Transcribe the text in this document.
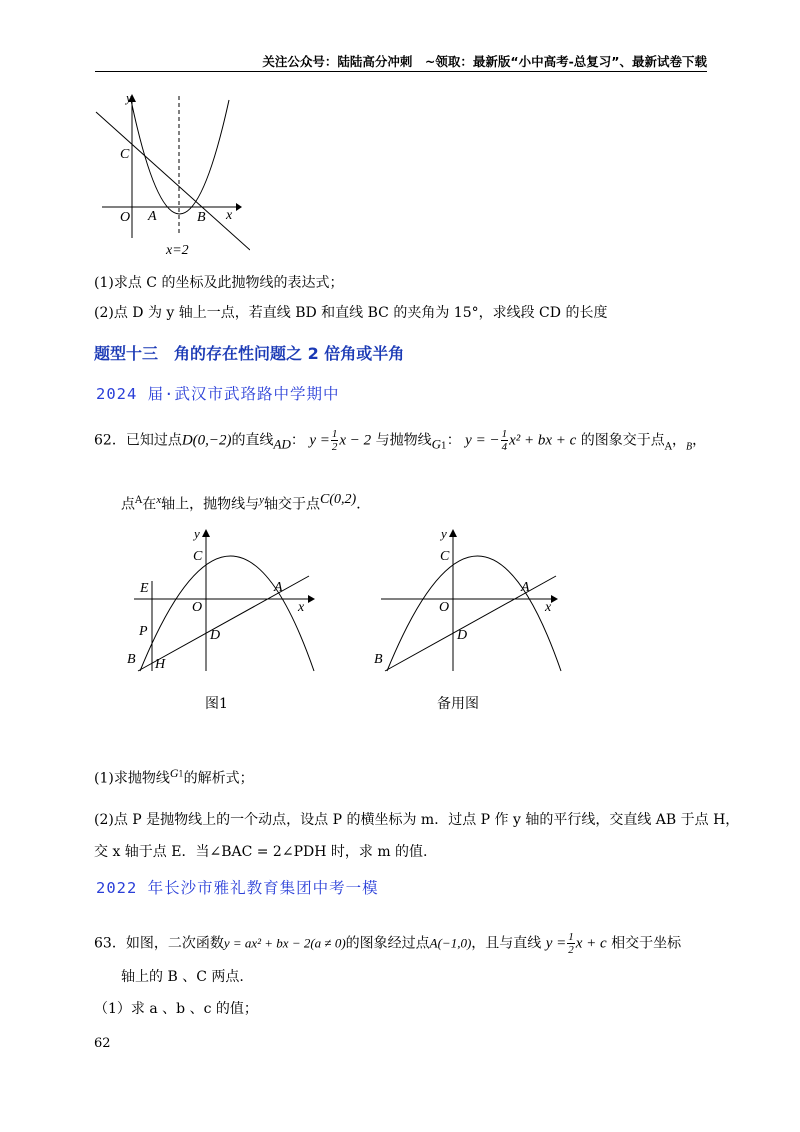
关注公众号：陆陆高分冲刺　~领取：最新版“小中高考-总复习”、最新试卷下载
y
C
O A	B x
x=2
(1)求点 C 的坐标及此抛物线的表达式；
(2)点 D 为 y 轴上一点，若直线 BD 和直线 BC 的夹角为 15°，求线段 CD 的长度
题型十三　角的存在性问题之 2 倍角或半角
2024 届·武汉市武珞路中学期中
62．已知过点D(0,−2)的直线AD： $y = \frac{1}{2}$ x − 2 与抛物线$G_1$： y = − $\frac{1}{4} x^2$ + bx + c 的图象交于点$_A$，$_B$，
点$^A$在$^x$轴上，抛物线与$^y$轴交于点$^{C(0,2)}$．
y
C
E	A
O	x
P	D
B H
y
C
A
O	x
D
B
图1	备用图
(1)求抛物线$^{G1}$的解析式；
(2)点 P 是抛物线上的一个动点，设点 P 的横坐标为 m．过点 P 作 y 轴的平行线，交直线 AB 于点 H，
交 x 轴于点 E．当∠BAC = 2∠PDH 时，求 m 的值.
2022 年长沙市雅礼教育集团中考一模
63．如图，二次函数y = ax² + bx − 2(a ≠ 0)的图象经过点A(−1,0)，且与直线 $y = \frac{1}{2}$ x + c 相交于坐标
轴上的 B 、C 两点.
（1）求 a 、b 、c 的值；
62
